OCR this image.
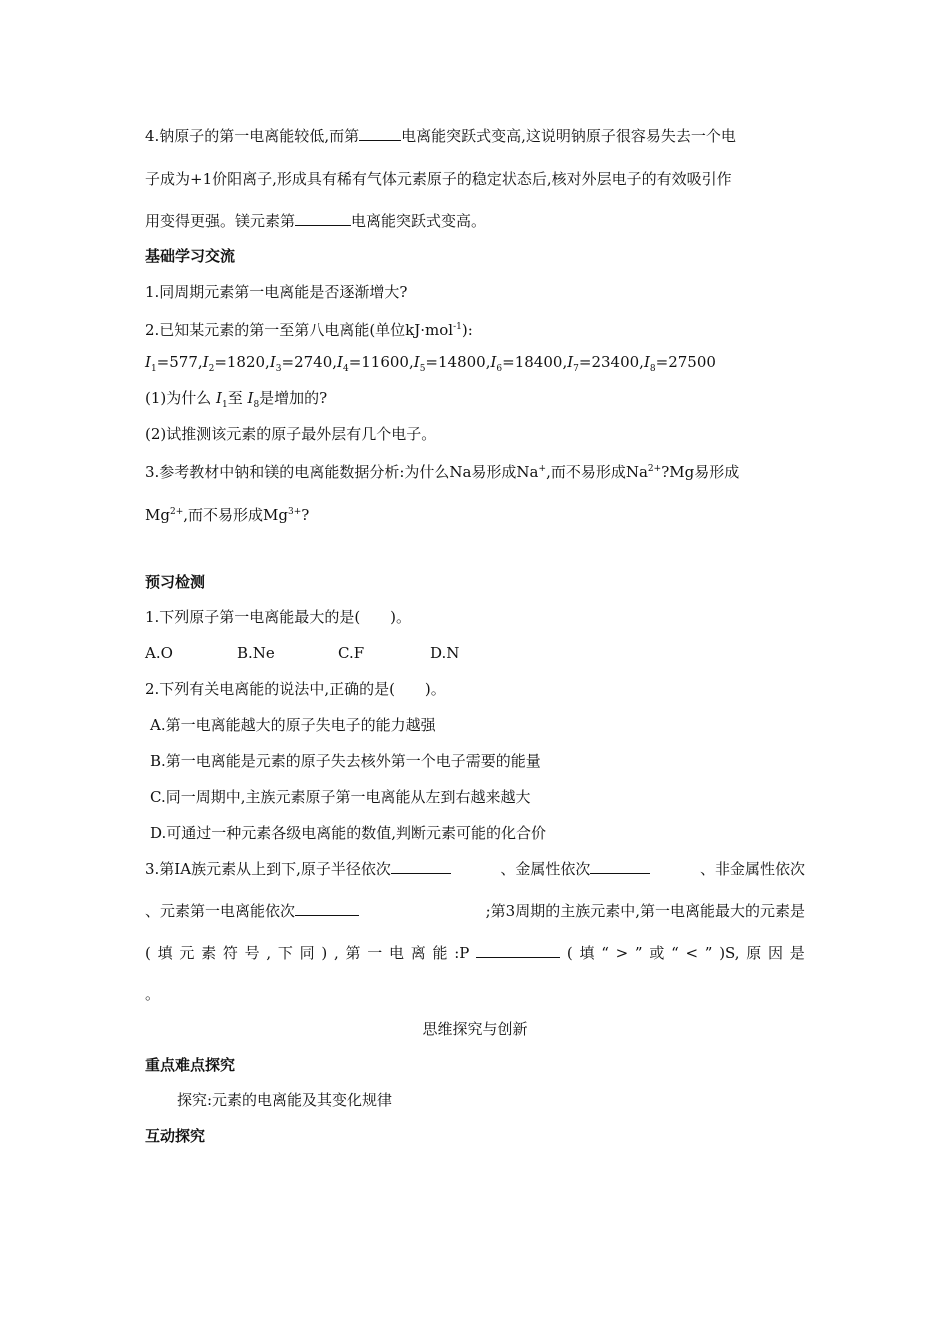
4.钠原子的第一电离能较低,而第	电离能突跃式变高,这说明钠原子很容易失去一个电
子成为+1价阳离子,形成具有稀有气体元素原子的稳定状态后,核对外层电子的有效吸引作
用变得更强。镁元素第	电离能突跃式变高。
基础学习交流
1.同周期元素第一电离能是否逐渐增大?
2.已知某元素的第一至第八电离能(单位kJ·mol$^{-1}$):
$I_1=577,I_2=1820,I_3=2740,I_4=11600,I_5=14800,I_6=18400,I_7=23400,I_8=27500$
(1)为什么 $I_1$至 $I_8$是增加的?
(2)试推测该元素的原子最外层有几个电子。
3.参考教材中钠和镁的电离能数据分析:为什么Na易形成Na+,而不易形成$Na^{2+}?Mg$易形成
$Mg^{2+}$,而不易形成$Mg^{3+}$?
预习检测
1.下列原子第一电离能最大的是(　　)。
A.O	B.Ne	C.F	D.N
2.下列有关电离能的说法中,正确的是(　　)。
A.第一电离能越大的原子失电子的能力越强
B.第一电离能是元素的原子失去核外第一个电子需要的能量
C.同一周期中,主族元素原子第一电离能从左到右越来越大
D.可通过一种元素各级电离能的数值,判断元素可能的化合价
3.第ⅠA族元素从上到下,原子半径依次	、金属性依次	、非金属性依次
、元素第一电离能依次	;第3周期的主族元素中,第一电离能最大的元素是
( 填 元 素 符 号 , 下 同 ) , 第 一 电 离 能 :P	( 填 “ > ” 或 “ < ” )S, 原 因 是
。
思维探究与创新
重点难点探究
探究:元素的电离能及其变化规律
互动探究
